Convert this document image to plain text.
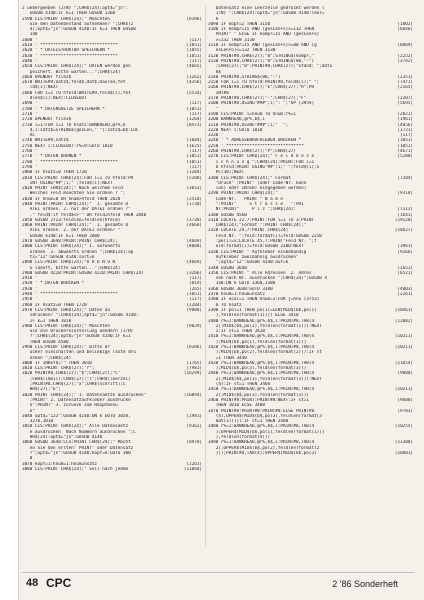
z uebergeeben (J/N) ";CHR$(24);opt$="jn":
GOSUB 4140:IF k=1 THEN GOSUB 1360
2590 CLS:PRINT CHR$(24);" Moechten	[8396]
Sie den Datenbestand aufnehmen? ";CHR$(2
4);opt$="jn":GOSUB 4140:IF k=1 THEN GOSUB
140
2600 '	[117]
2610 ' ******************************	[1051]
2620 ' * DATEISTRUKTUR SPEICHERN *	[1055]
2630 ' ******************************	[1051]
2640 '	[117]
2650 CLS:PRINT CHR$(24);" DATEN werden gen	[4665]
peichert. Bitte warten...";CHR$(24)
2660 OPENOUT file2$	[1262]
2670 WRITE#9,aatz$,feld$,dat$,maxlen,fet	[4356]
ld$(i):NEXT
2680 FOR i=1 TO hfeld:WRITE#9,feld$(i),fet	[5534]
dlen$(i):NEXT:CLOSEOUT
2690 '	[117]
2700 ' * DATENSAETZE SPEICHERN *	[1051]
2710 '	[117]
2720 OPENOUT file3$	[1264]
2730 i=1:FOR i=1 TO hsatz:BANKREAD,@r%,b	[8473]
$,i:satz$=STRING$(gesLen," "):satz$=b$:LOC
AL
2740 WRITE#9,satz$	[1684]
2750 NEXT i:CLOSEOUT:r%=9:GOTO 1010	[1625]
2760 '	[117]
2770 ' * DATEN ORDNEN *	[1051]
2780 ' ******************************	[1051]
2790 '	[117]
2800 IF hsatz=0 THEN 1720	[1284]
2810 CLS:PRINT CHR$(24):FOR i=1 TO hfeld:PR	[5288]
INT USING"##";i;" ;feld$(i):NEXT
2820 PRINT CHR$(24);" Nach welchem Feld	[3653]
Welches Feld moechten Sie ordnen ? ";
2830 IF hnum=0 OR hnum>hfeld THEN 2820	[2510]
2840 PRINT:PRINT CHR$(24);"  1. gesamte D	[1730]
ATEI ordnen. 2. nur der DATEI ordnen ?"
," feld$:if feld$<>"" OR feld=hfeld THEN 2840
2850 GOSUB 2723:feldlen=feldlen(hfeld)	[1730]
2860 PRINT:PRINT CHR$(24);"  1. gesamte D	[4668]
ATEI ordnen. 2. der DATEI ordnen? "
GOSUB 4140:IF k=1 THEN 2880
2870 GOSUB 3640:PRINT:PRINT CHR$(24);	[4669]
2880 CLS:PRINT CHR$(24);" 1. aufwaerts	[8000]
ordnen  2. abwaerts ordnen ";CHR$(24):op
ts="12":GOSUB 4140:sort=k
2890 CLS:PRINT CHR$(24);"O R D N U N	[4669]
G laeuft, bitte warten...";CHR$(24)
2900 GOSUB 4220:PRINT:GOSUB 4220:PRINT CHR$(24)	[3266]
2910 '	[117]
2920 ' * DATEN DRUCKEN *	[819]
2930 '	[265]
2940 ' ******************************	[1051]
2950 '	[117]
2960 IF hsatz=0 THEN 1720	[1284]
2970 CLS:PRINT CHR$(24);" Daten au	[9808]
sdrucken? ";CHR$(24);opt$="jn":GOSUB 4140:
IF k=1 THEN 1010
2980 CLS:PRINT CHR$(24);" Moechten	[9029]
Sie die Druckereinstellung aendern (J/N)
?";CHR$(24);opt$="jn":GOSUB 4140:IF k=1
THEN GOSUB 4580
2990 CLS:PRINT CHR$(24);" Bitte Dr	[8386]
ucker einschalten und beliebige Taste dru
ecken ";CHR$(24)
3000 IF INKEY$="" THEN 3010	[1765]
3010 CLS:PRINT CHR$(27);"r";	[7981]
3020 PRINT#8,CHR$(27);"$";CHR$(27);"C"	[16299]
;CHR$(lmeil);CHR$(27);"l";CHR$(leerzei)
;PRINT#8,CHR$(27);"x";CHR$(schrift);C
HR$(27);"E";
3030 PRINT CHR$(24);" 1. Datensaetze ausdrucken"	[16094]
;PRINT" 2. Datensatzaufkleber ausdrucke
n":PRINT" 3. zurueck zum Hauptmenu
e"
3040 opt$="123":GOSUB 4140:ON k GOTO 3050,	[2981]
3270,1010
3050 CLS:PRINT CHR$(24);" Alle Datensaetz	[9362]
e ausdrucken  Nach Nummern ausdrucken ";C
HR$(24):opt$="jn":GOSUB 4140
3060 GOSUB 3640:CLS:PRINT CHR$(24);" Mocht	[8978]
en Sie den ersten" PRINT" oder Datensatz
?";opt$="jn":GOSUB 4140:kopf=k:GOTO 308
0
3070 kopf=1:hnum=1:hnum=hsatz	[2261]
3080 CLS:PRINT CHR$(24);" Soll nach jedem	[11060]
Datensatz eine Leerzeile gedruckt werden (
J/N) ";CHR$(24):opt$="jn":GOSUB 4140:leer=
k
3090 IF kopf=2 THEN 3150	[1802]
3100 IF kompr=15 AND (gesLen+5)>=132 THEN	[6046]
PRINT" " ELSE IF kompr=15 AND (gesLen+5)
>=132 THEN 3130
3110 IF kompr=15 AND (gesLen+5)>=80 AND (g	[8009]
esLen+5)<=132 THEN 3130
3120 PRINT#8,CHR$(27);"0";STRING$(kompr,"	[2252]
3130 PRINT#8,CHR$(27);"0";STRING$(80,"-")	[3742]
;CHR$(27);"0":PRINT#8,CHR$(27);"Stand: ";datu
m$
3140 PRINT#8,STRING$(80,"-")	[2351]
3150 FOR i=1 TO hfeld:PRINT#8,feld$(i);" ";	[7471]
3160 PRINT#8,CHR$(27);"E";CHR$(27);"R";PR	[2165]
INT#8
3170 PRINT#8,CHR$(27);"-";CHR$(27);"F"	[2207]
3180 PRINT#8,USING"###";i;": ";"UP [3959]	[5695]
"
3190 CLS:PRINT i=hnum TO hnum:r%=1	[2021]
3200 BANKREAD,@r%,b$,i	[1961]
3210 PRINT#8,USING"###";i;"  ";	[4056]
3220 NEXT i:GOTO 1010	[1721]
3230 '	[117]
3240 ' * ADRESSENAUFKLEBER DRUCKEN *	[1051]
3250 ' ******************************	[1051]
3260 PRINT#8,CHR$(27);"P";CHR$(27)	[4671]
3270 CLS:PRINT CHR$(24);" F e l d b e z e	[5288]
i c h n u n g ";CHR$(24):PRINT:FOR i=1
O hfeld:PRINT USING"##";i;" ";feld$(i);S
PC(30);NEXT
3280 CLS:PRINT CHR$(24);" Format	[7204]
"Druck" :PRINT" (oder Code-Nr. kann
ion) oder INTER) eingegeben werden)
3290 PRINT:PRINT CHR$(24);"	[9318]
Code-Nr.   PRINT " N a m e
":PRINT"     S t r a s s e   ":PRI
NT:PRINT"     P l z ";CHR$(24):	[7112]
3300 GOSUB 4560	[1641]
3310 LOCATE 22,7:PRINT:FOR i=1 TO 3:PRINT	[19120]
CHR$(24);"Format ":PRINT CHR$(24);"
3320 LOCATE 29,7:PRINT CHR$(24)	[18627]
Feld Nr. ";feld:format(i)=feld:GOSUB 2210
:pe(i)=x:LOCATE 45,7:PRINT"Feld Nr. ";f
eld:format(i)=feld:GOSUB 2300:NEXT	[3961]
3330 CLS:PRINT " Aufkleber einbehandig	[9166]
Aufkleber zweibahnig ausdrucken"
";opt$="12":GOSUB 4140:auf=k
3340 GOSUB 3640	[1651]
3350 CLS:PRINT " Alle Adressen  2. Adres	[6521]
sen nach Nr. ausdrucken ";CHR$(24)";GOSUB 4
140:ON k GOTO 3360,3380
3360 GOSUB 3640:GOTO 3380	[4003]
3370 hnum=1:hnum=hsatz	[2261]
3380 IF ocol=1 THEN hnum=1:FOR j=hnu [3753]
m TO hsatz
3390 IF pol=1 THEN po(1)=LEN(MID$(b$,po(1)	[18461]
),feldlen(format(1)))) ELSE 3410
3400 r%=1:BANKREAD,@r%,b$,i:PRINT#8,TAB(4	[12002]
2);MID$(b$,po(2),feldlen(format(1))):NEXT
I:IF st=1 THEN 3420
3410 r%=1:BANKREAD,@r%,b$,i:PRINT#8,TAB(4	[10211]
);MID$(b$,po(1),feldlen(format(1)))
3420 r%=1:BANKREAD,@r%,b$,i:PRINT#8,TAB(4	[10211]
);MID$(b$,po(2),feldlen(format(2))):IF st
=1 THEN 3440
3430 r%=1:BANKREAD,@r%,b$,i:PRINT#8,TAB(4	[11054]
);MID$(b$,po(3),feldlen(format(3)))
3440 r%=1:BANKREAD,@r%,b$,i:PRINT#8,TAB(4	[9808]
2);MID$(b$,po(3),feldlen(format(3))):NEXT
(4):IF st=1 THEN 3460
3450 r%=1:BANKREAD,@r%,b$,i:PRINT#8,TAB(4	[10211]
2);MID$(b$,po(3),feldlen(format(3)))
3460 PRINT#8:PRINT:PRINT#8:NEXT:IF st=1	[9688]
THEN 1010 ELSE 3480
3470 PRINT#8:PRINT#8:PRINT#8:ELSE PRINT#8	[9703]
(4),UPPER$(MID$(b$,po(3),feldlen(format(3
mat(3))))):IF st=1 THEN 3480
3480 r%=1:BANKREAD,@r%,b$,i:PRINT#8,TAB(4	[10255]
);UPPER$(MID$(b$,po(1),feldlen(format(1)))
),feldlen(format(4)))
3490 r%=1:BANKREAD,@r%,b$,i:PRINT#8,TAB(4	[11388]
2);UPPER$(MID$(b$,po(2),feldlen(format(2
)));PRINT#8,TAB(4);UPPER$(MID$(b$,po(3)	[10601]
48 CPC	2 '86 Sonderheft
